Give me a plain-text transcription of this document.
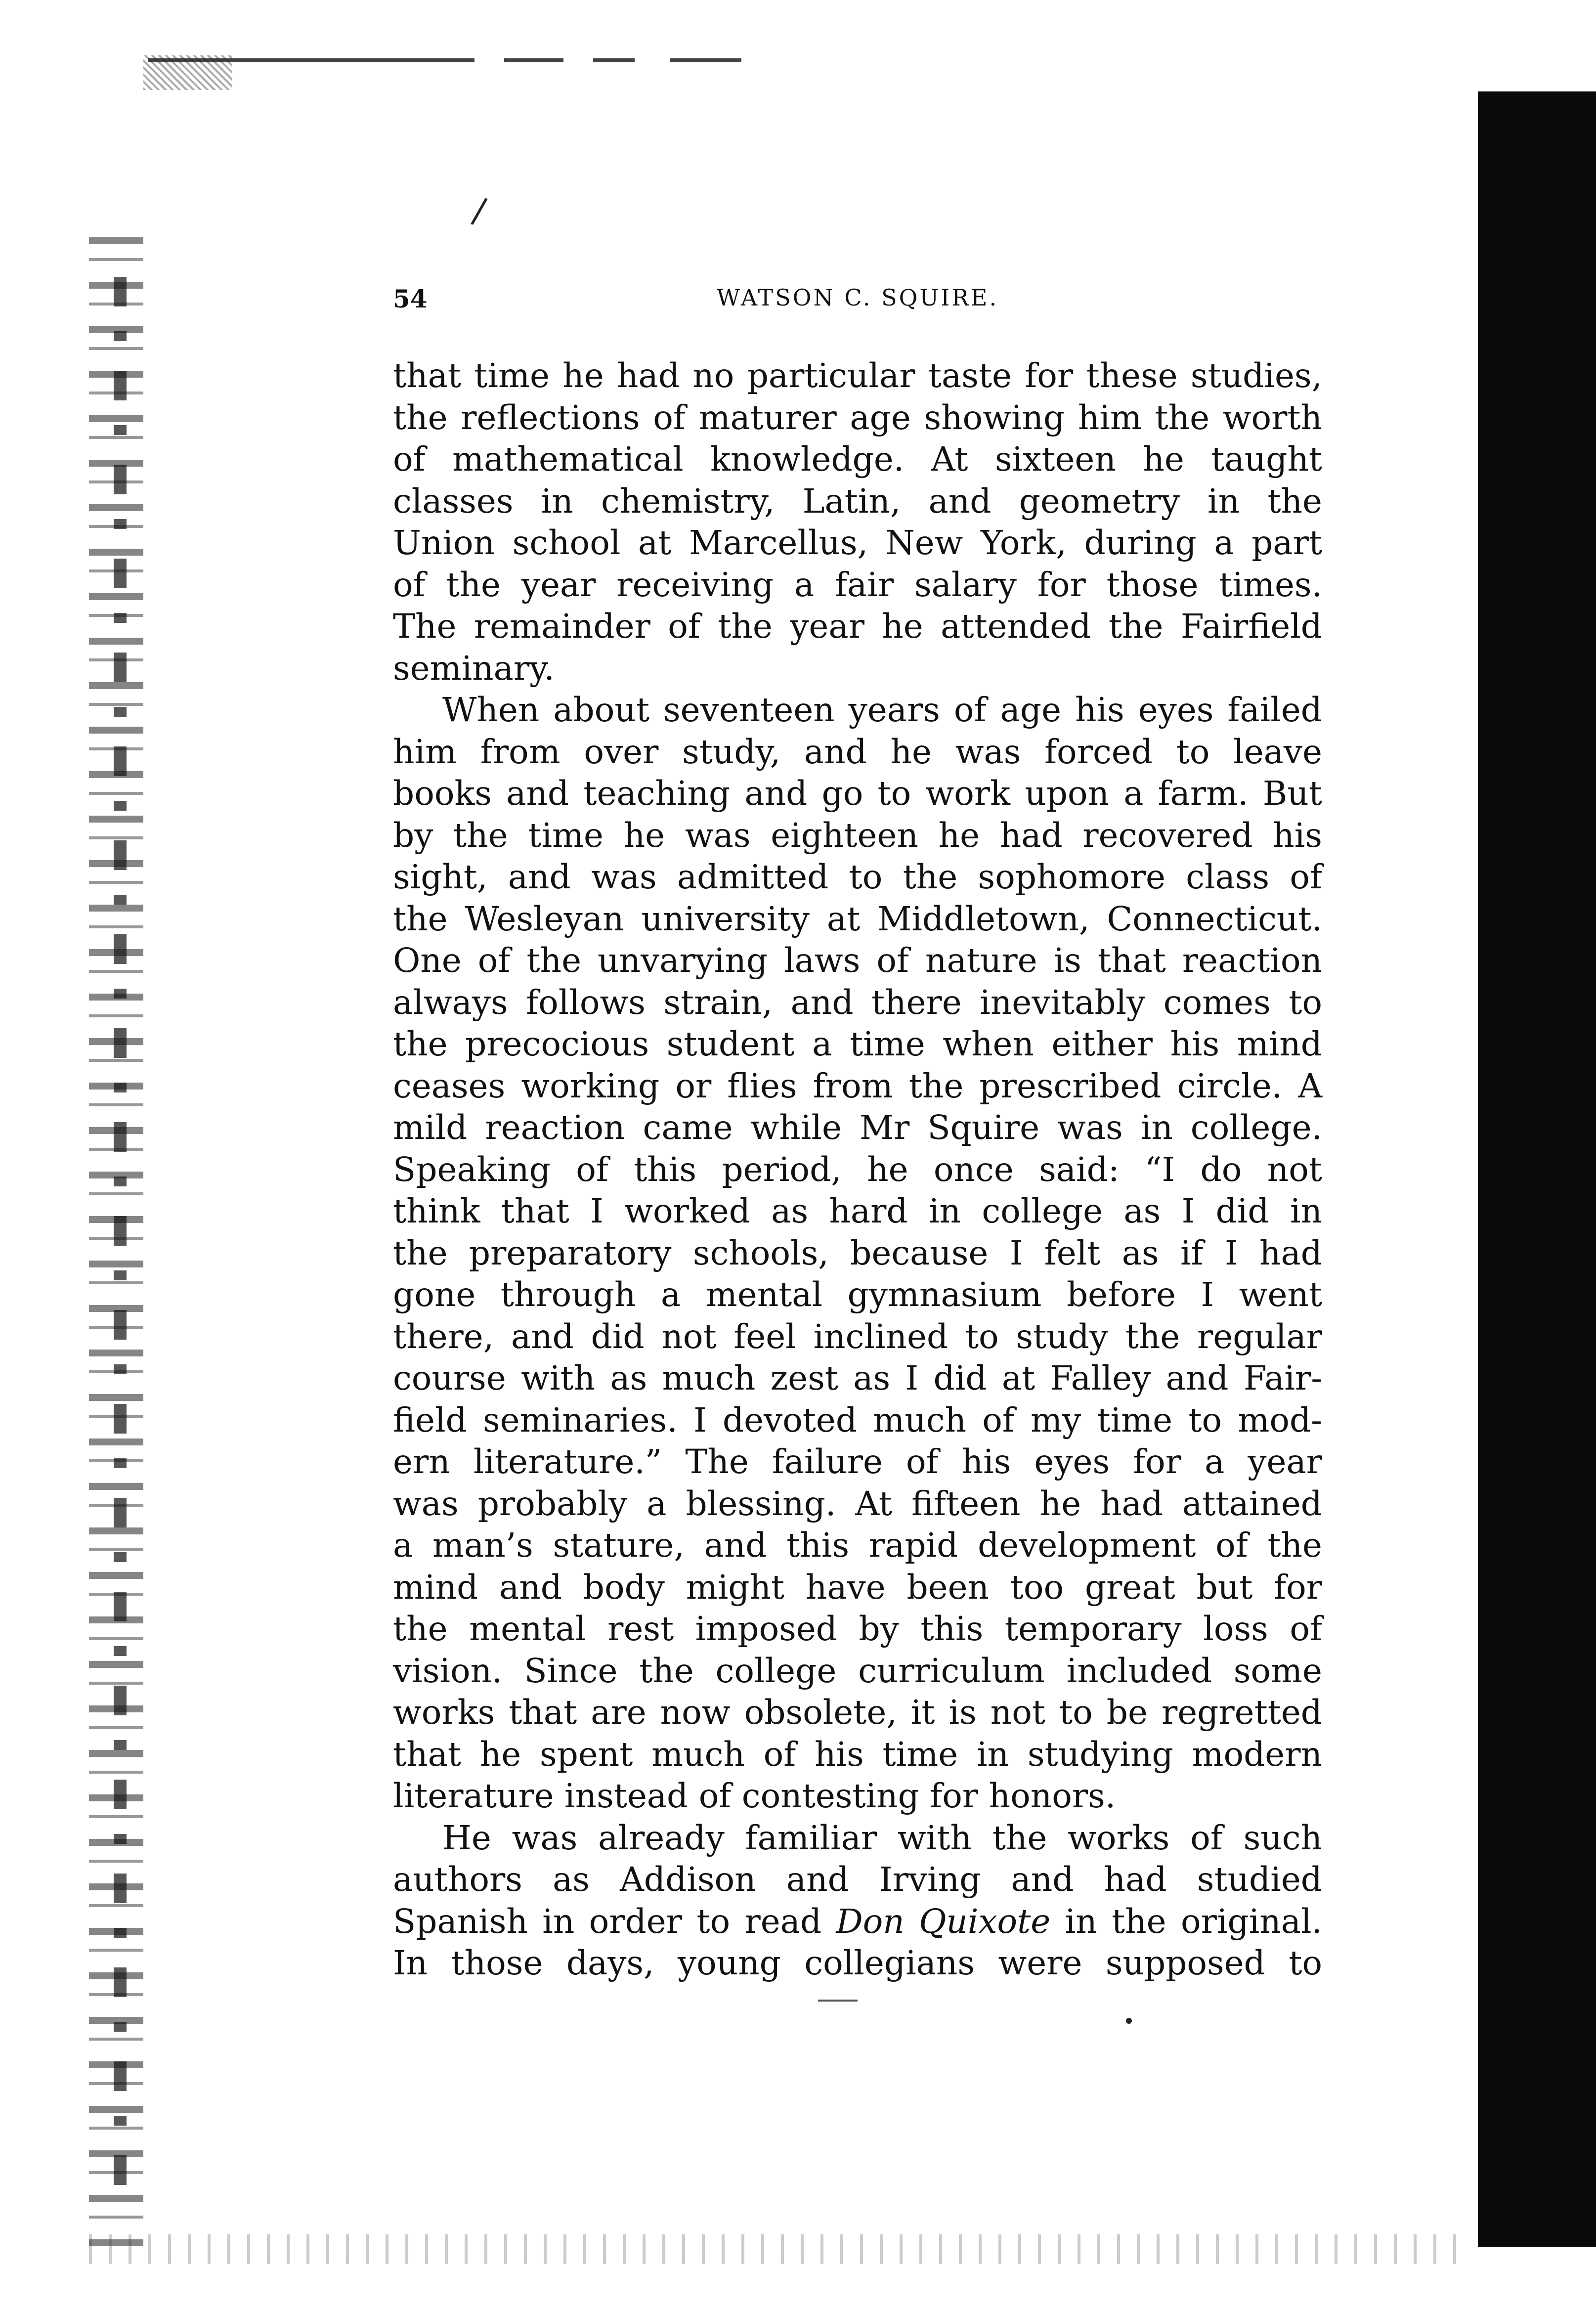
/
54	WATSON C. SQUIRE.
that time he had no particular taste for these studies,
the reflections of maturer age showing him the worth
of mathematical knowledge. At sixteen he taught
classes in chemistry, Latin, and geometry in the
Union school at Marcellus, New York, during a part
of the year receiving a fair salary for those times.
The remainder of the year he attended the Fairfield
seminary.
When about seventeen years of age his eyes failed
him from over study, and he was forced to leave
books and teaching and go to work upon a farm. But
by the time he was eighteen he had recovered his
sight, and was admitted to the sophomore class of
the Wesleyan university at Middletown, Connecticut.
One of the unvarying laws of nature is that reaction
always follows strain, and there inevitably comes to
the precocious student a time when either his mind
ceases working or flies from the prescribed circle. A
mild reaction came while Mr Squire was in college.
Speaking of this period, he once said: “I do not
think that I worked as hard in college as I did in
the preparatory schools, because I felt as if I had
gone through a mental gymnasium before I went
there, and did not feel inclined to study the regular
course with as much zest as I did at Falley and Fair-
field seminaries. I devoted much of my time to mod-
ern literature.” The failure of his eyes for a year
was probably a blessing. At fifteen he had attained
a man’s stature, and this rapid development of the
mind and body might have been too great but for
the mental rest imposed by this temporary loss of
vision. Since the college curriculum included some
works that are now obsolete, it is not to be regretted
that he spent much of his time in studying modern
literature instead of contesting for honors.
He was already familiar with the works of such
authors as Addison and Irving and had studied
Spanish in order to read Don Quixote in the original.
In those days, young collegians were supposed to
